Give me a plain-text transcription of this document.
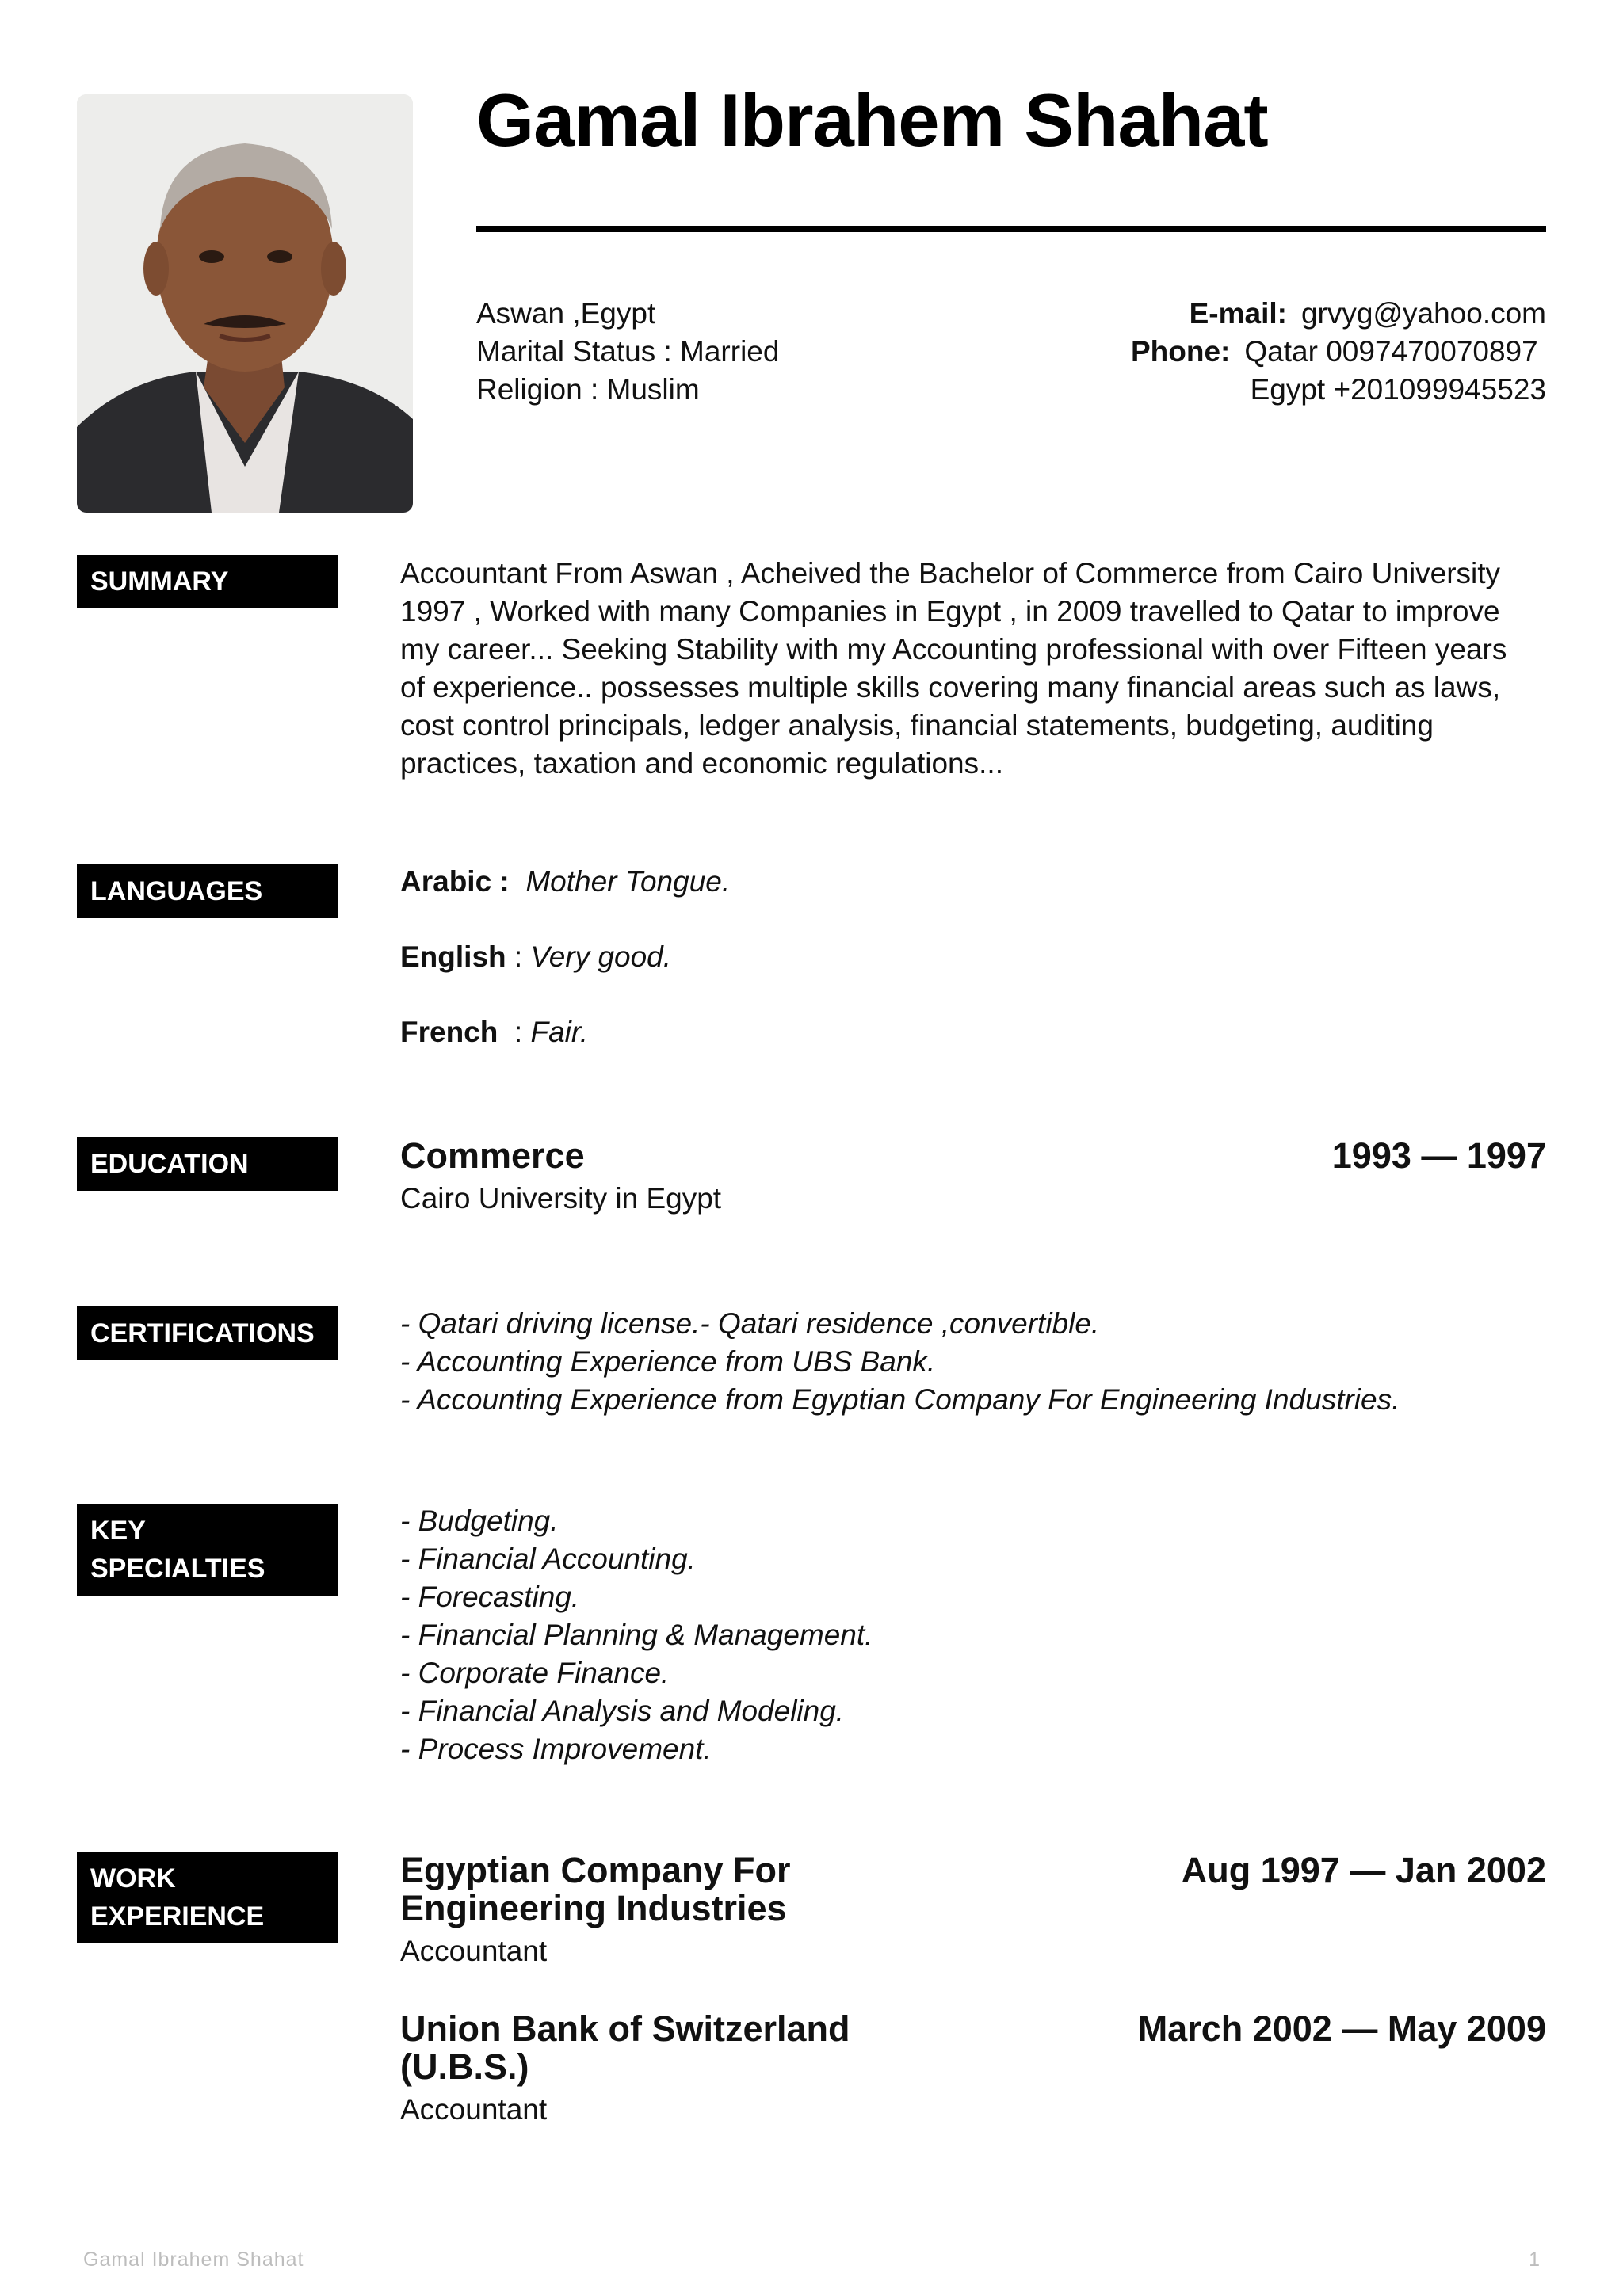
Gamal Ibrahem Shahat
Aswan ,Egypt
Marital Status : Married
Religion : Muslim
E-mail: grvyg@yahoo.com
Phone: Qatar 0097470070897
Egypt +201099945523
SUMMARY	Accountant From Aswan , Acheived the Bachelor of Commerce from Cairo University
1997 , Worked with many Companies in Egypt , in 2009 travelled to Qatar to improve
my career... Seeking Stability with my Accounting professional with over Fifteen years
of experience.. possesses multiple skills covering many financial areas such as laws,
cost control principals, ledger analysis, financial statements, budgeting, auditing
practices, taxation and economic regulations...
LANGUAGES	Arabic : Mother Tongue.
English : Very good.
French  : Fair.
EDUCATION	Commerce	1993 — 1997
Cairo University in Egypt
CERTIFICATIONS	- Qatari driving license.- Qatari residence ,convertible.
- Accounting Experience from UBS Bank.
- Accounting Experience from Egyptian Company For Engineering Industries.
KEY
SPECIALTIES
- Budgeting.
- Financial Accounting.
- Forecasting.
- Financial Planning & Management.
- Corporate Finance.
- Financial Analysis and Modeling.
- Process Improvement.
WORK
EXPERIENCE
Egyptian Company For
Engineering Industries
Aug 1997 — Jan 2002
Accountant
Union Bank of Switzerland
(U.B.S.)
March 2002 — May 2009
Accountant
Gamal Ibrahem Shahat	1
